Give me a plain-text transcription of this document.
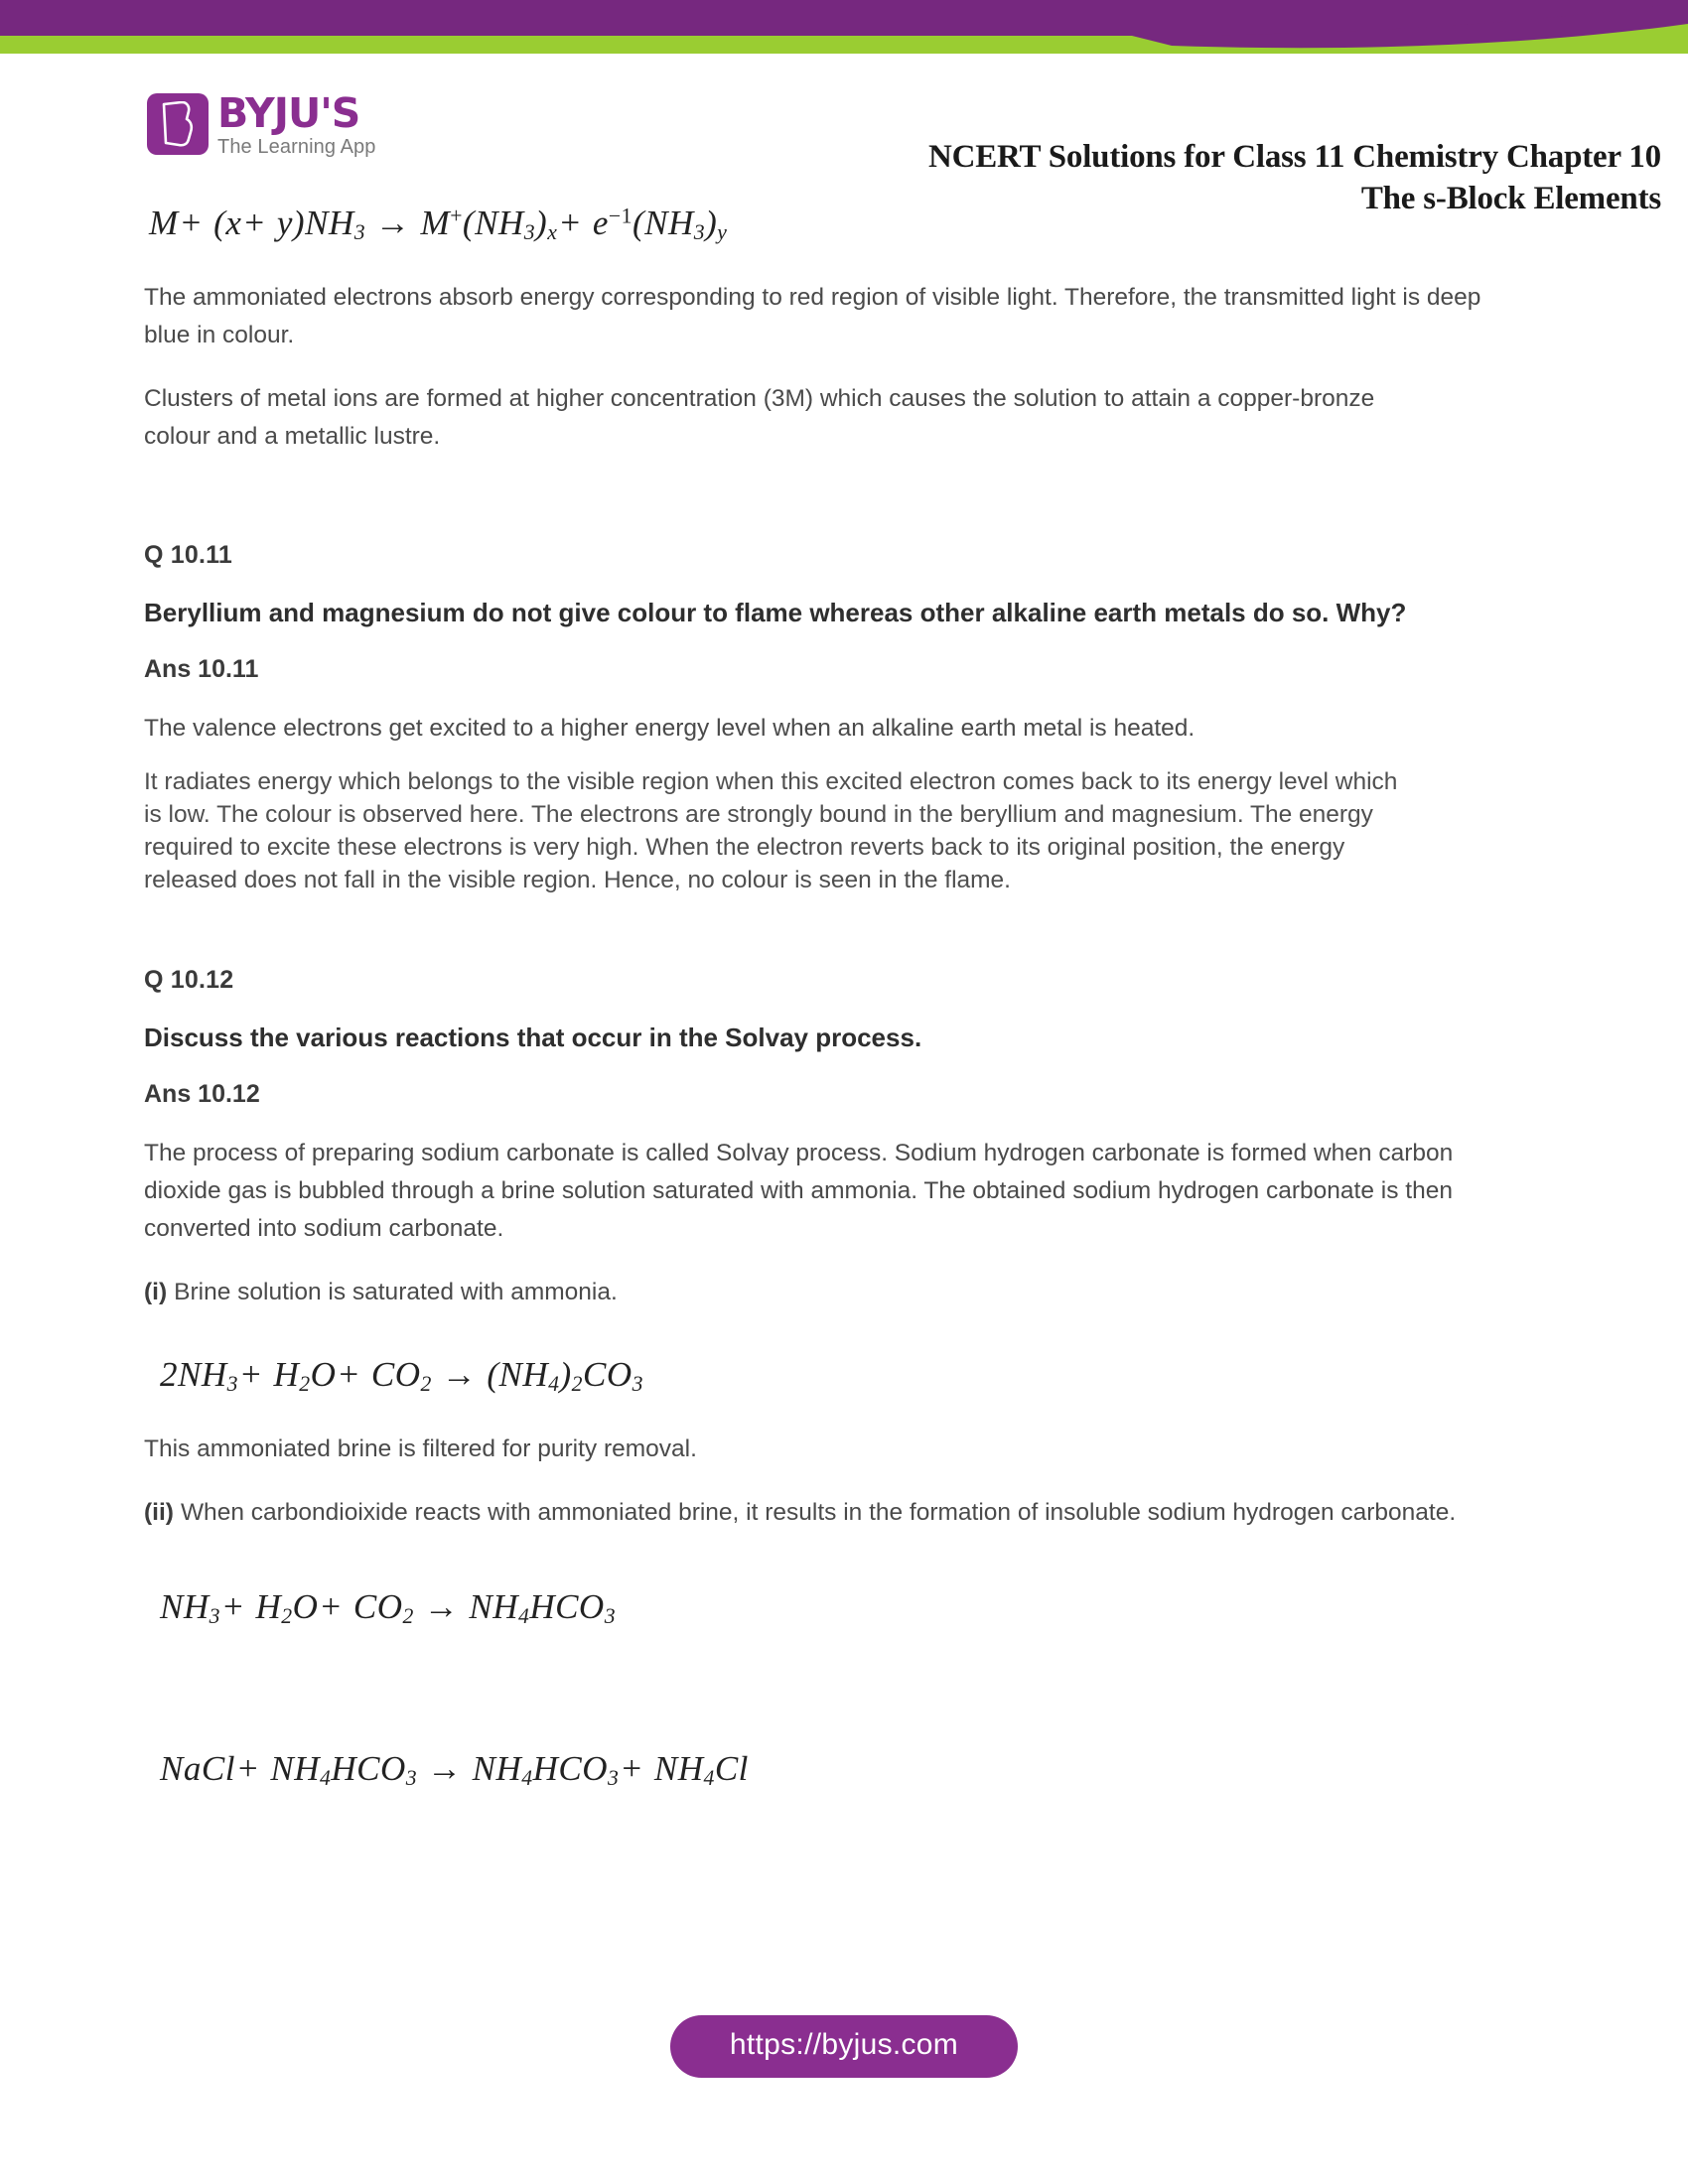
BYJU'S
The Learning App	NCERT Solutions for Class 11 Chemistry Chapter 10
The s-Block Elements
$M+ (x+ y)NH_3 \to M^+(NH_3)_x+ e^{-1}(NH_3)_y$

The ammoniated electrons absorb energy corresponding to red region of visible light. Therefore, the transmitted light is deep blue in colour.

Clusters of metal ions are formed at higher concentration (3M) which causes the solution to attain a copper-bronze colour and a metallic lustre.

Q 10.11

Beryllium and magnesium do not give colour to flame whereas other alkaline earth metals do so. Why?

Ans 10.11

The valence electrons get excited to a higher energy level when an alkaline earth metal is heated.

It radiates energy which belongs to the visible region when this excited electron comes back to its energy level which is low. The colour is observed here. The electrons are strongly bound in the beryllium and magnesium. The energy required to excite these electrons is very high. When the electron reverts back to its original position, the energy released does not fall in the visible region. Hence, no colour is seen in the flame.

Q 10.12

Discuss the various reactions that occur in the Solvay process.

Ans 10.12

The process of preparing sodium carbonate is called Solvay process. Sodium hydrogen carbonate is formed when carbon dioxide gas is bubbled through a brine solution saturated with ammonia. The obtained sodium hydrogen carbonate is then converted into sodium carbonate.

(i) Brine solution is saturated with ammonia.

$2NH_3+ H_2O+ CO_2 \to (NH_4)_2CO_3$

This ammoniated brine is filtered for purity removal.

(ii) When carbondioixide reacts with ammoniated brine, it results in the formation of insoluble sodium hydrogen carbonate.

$NH_3+ H_2O+ CO_2 \to NH_4HCO_3$
NaCl+ $NH_4HCO_3 \to NH_4HCO_3+ NH_4Cl$
https://byjus.com
